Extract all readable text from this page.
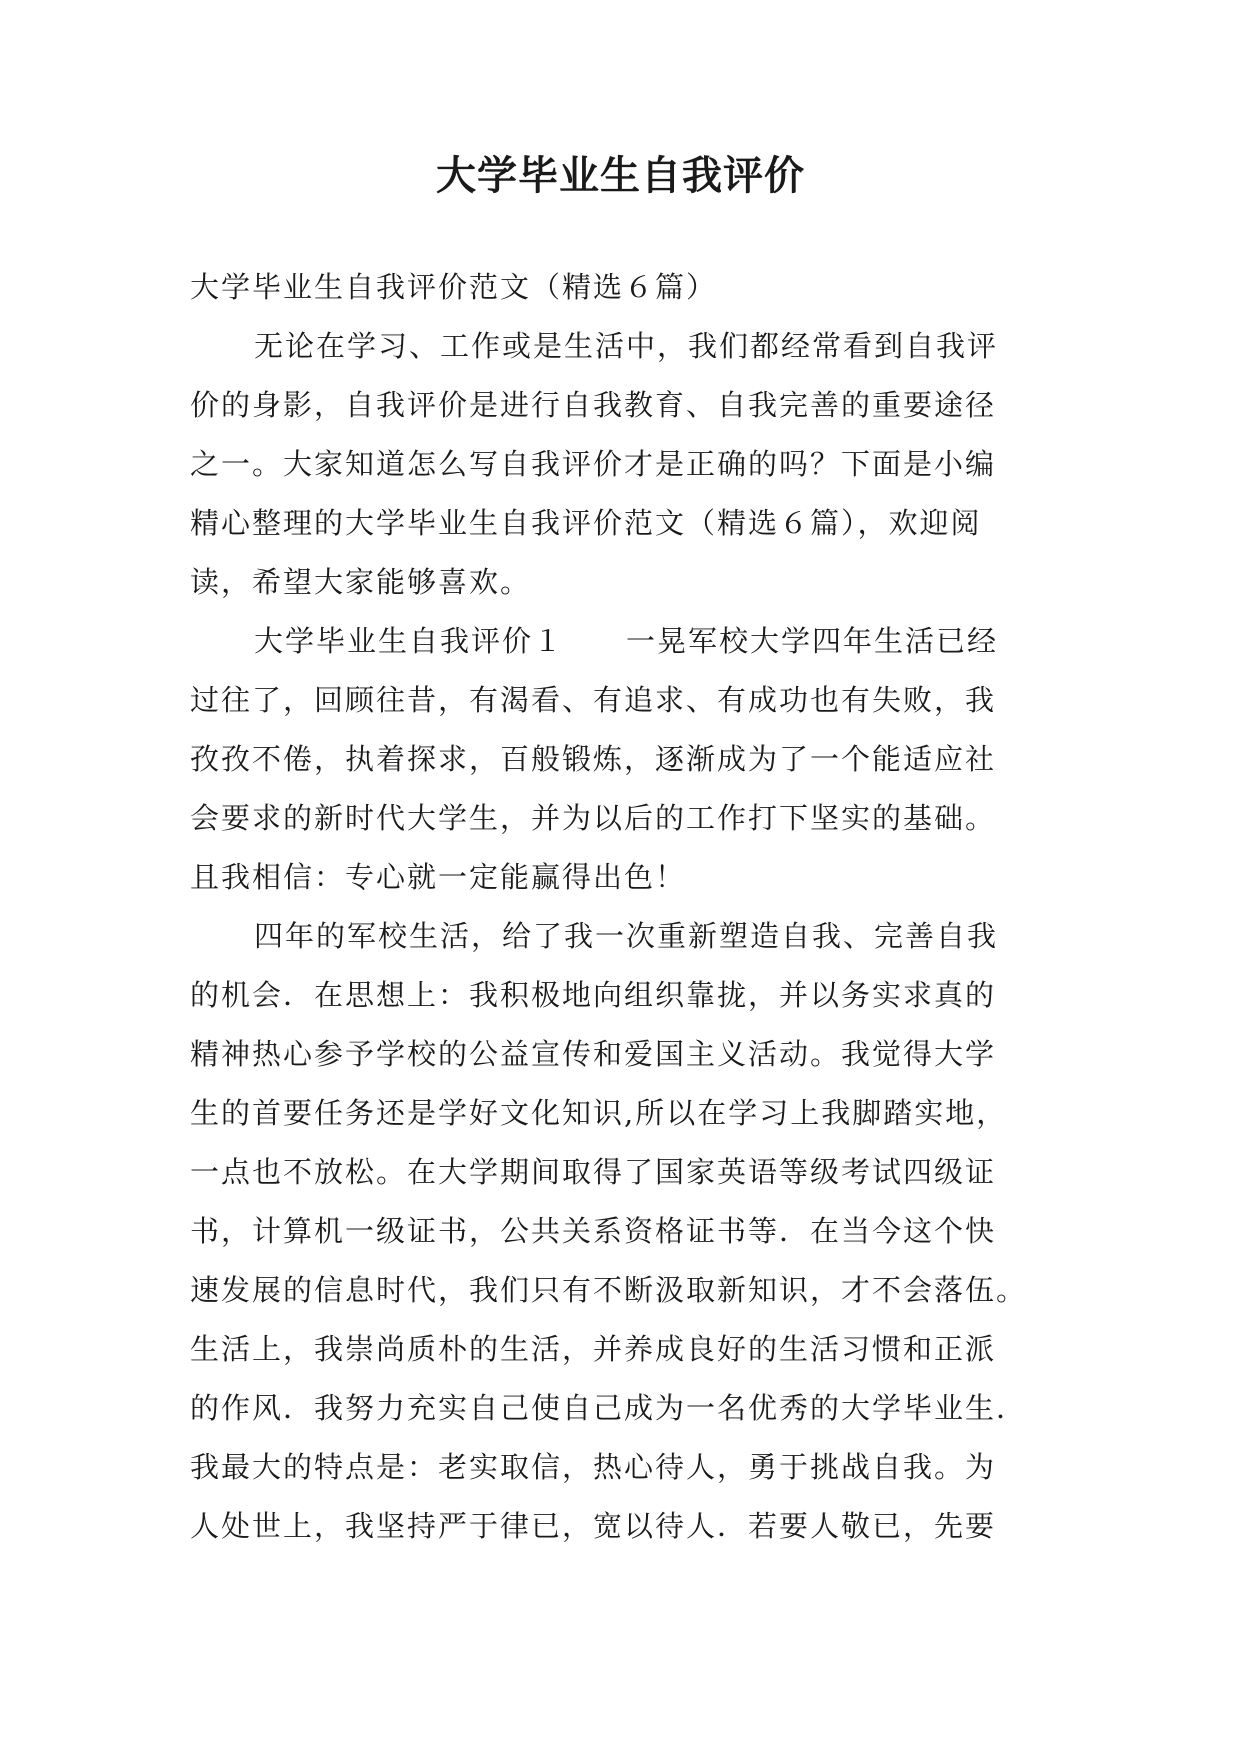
大学毕业生自我评价
大学毕业生自我评价范文（精选６篇）
无论在学习、工作或是生活中，我们都经常看到自我评
价的身影，自我评价是进行自我教育、自我完善的重要途径
之一。大家知道怎么写自我评价才是正确的吗？下面是小编
精心整理的大学毕业生自我评价范文（精选６篇），欢迎阅
读，希望大家能够喜欢。
大学毕业生自我评价１　　一晃军校大学四年生活已经
过往了，回顾往昔，有渴看、有追求、有成功也有失败，我
孜孜不倦，执着探求，百般锻炼，逐渐成为了一个能适应社
会要求的新时代大学生，并为以后的工作打下坚实的基础。
且我相信：专心就一定能赢得出色！
四年的军校生活，给了我一次重新塑造自我、完善自我
的机会．在思想上：我积极地向组织靠拢，并以务实求真的
精神热心参予学校的公益宣传和爱国主义活动。我觉得大学
生的首要任务还是学好文化知识,所以在学习上我脚踏实地，
一点也不放松。在大学期间取得了国家英语等级考试四级证
书，计算机一级证书，公共关系资格证书等．在当今这个快
速发展的信息时代，我们只有不断汲取新知识，才不会落伍。
生活上，我崇尚质朴的生活，并养成良好的生活习惯和正派
的作风．我努力充实自己使自己成为一名优秀的大学毕业生．
我最大的特点是：老实取信，热心待人，勇于挑战自我。为
人处世上，我坚持严于律已，宽以待人．若要人敬已，先要
